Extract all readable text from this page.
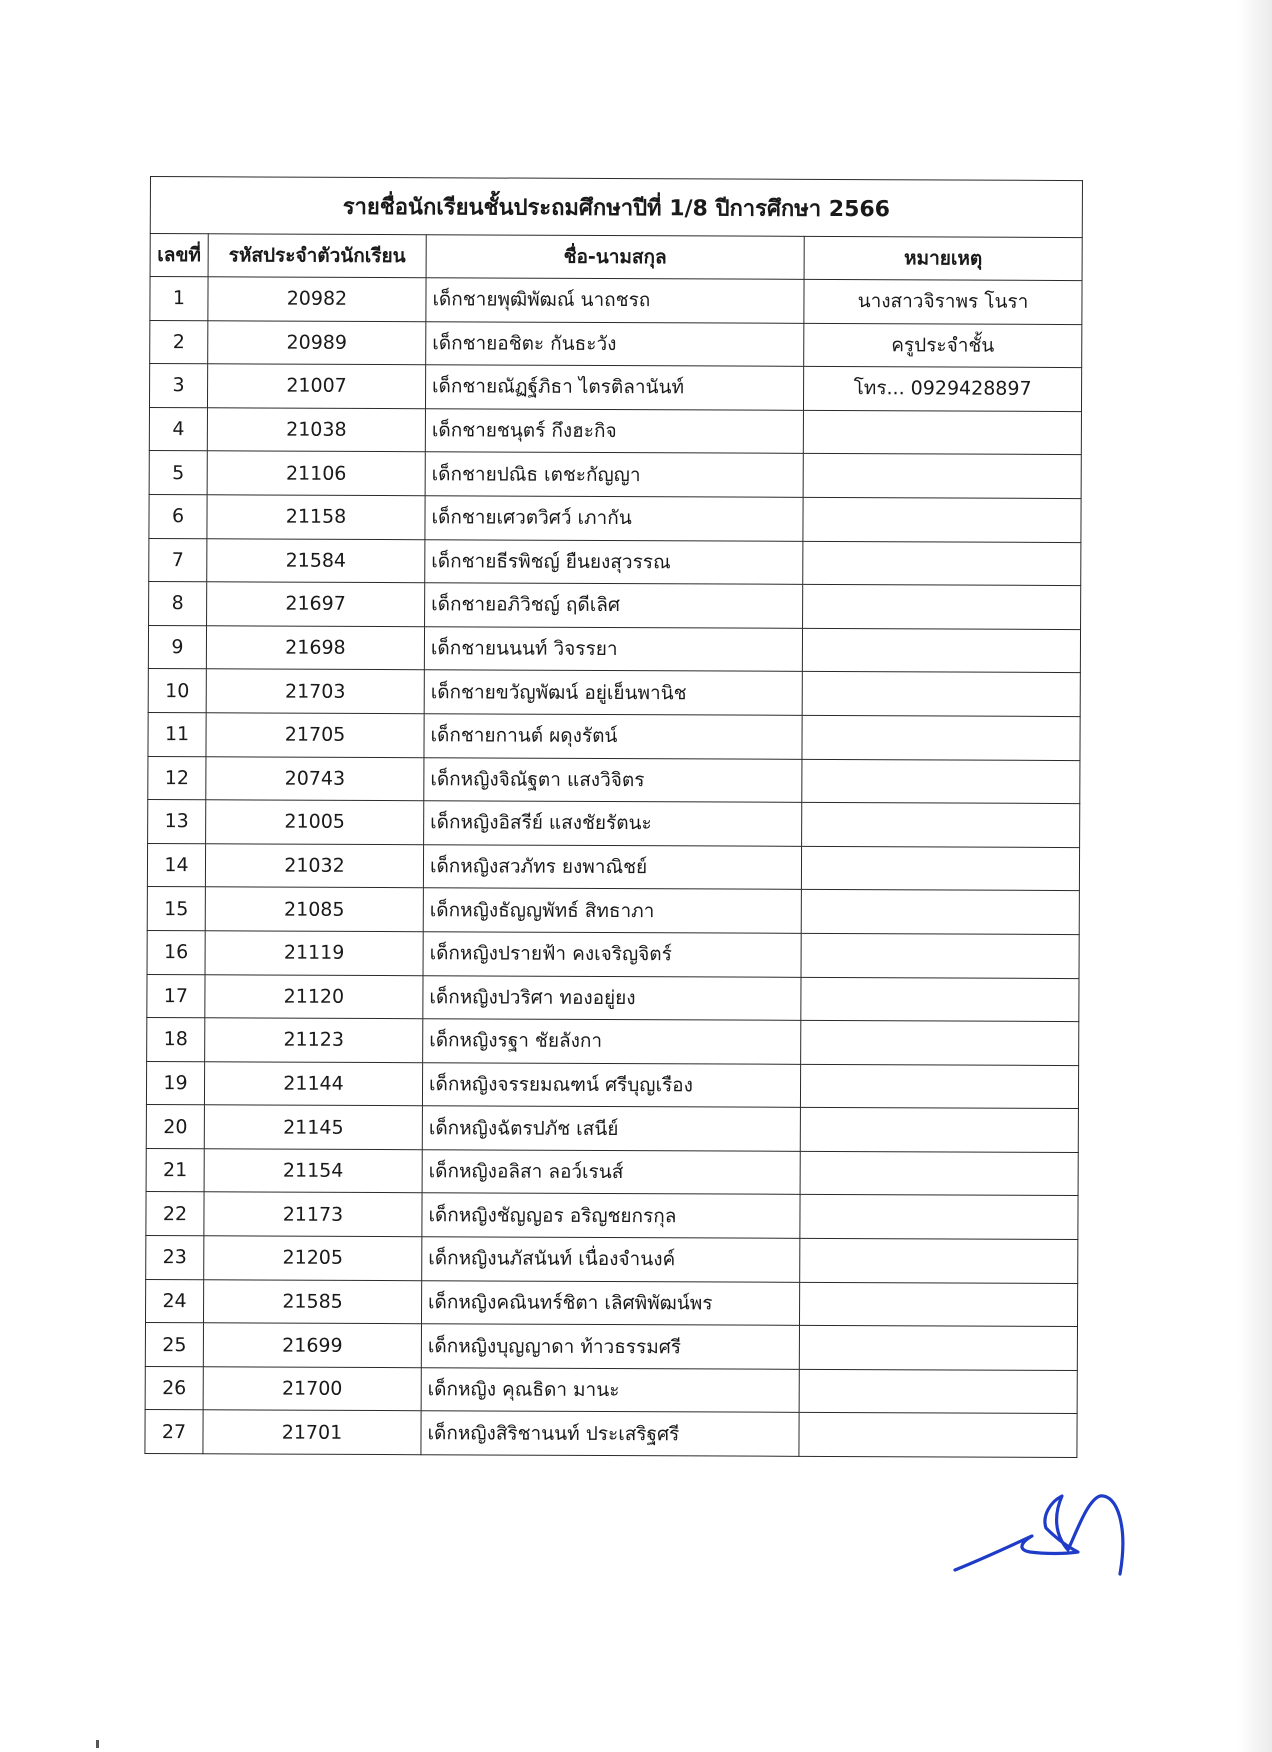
รายชื่อนักเรียนชั้นประถมศึกษาปีที่ 1/8 ปีการศึกษา 2566			
เลขที่	รหัสประจำตัวนักเรียน	ชื่อ-นามสกุล	หมายเหตุ
1	20982	เด็กชายพุฒิพัฒณ์ นาถชรถ	นางสาวจิราพร โนรา
2	20989	เด็กชายอชิตะ กันธะวัง	ครูประจำชั้น
3	21007	เด็กชายณัฏฐ์ภิธา ไตรติลานันท์	โทร... 0929428897
4	21038	เด็กชายชนุตร์ กึงฮะกิจ	
5	21106	เด็กชายปณิธ เตชะกัญญา	
6	21158	เด็กชายเศวตวิศว์ เภากัน	
7	21584	เด็กชายธีรพิชญ์ ยืนยงสุวรรณ	
8	21697	เด็กชายอภิวิชญ์ ฤดีเลิศ	
9	21698	เด็กชายนนนท์ วิจรรยา	
10	21703	เด็กชายขวัญพัฒน์ อยู่เย็นพานิช	
11	21705	เด็กชายกานต์ ผดุงรัตน์	
12	20743	เด็กหญิงจิณัฐตา แสงวิจิตร	
13	21005	เด็กหญิงอิสรีย์ แสงชัยรัตนะ	
14	21032	เด็กหญิงสวภัทร ยงพาณิชย์	
15	21085	เด็กหญิงธัญญพัทธ์ สิทธาภา	
16	21119	เด็กหญิงปรายฟ้า คงเจริญจิตร์	
17	21120	เด็กหญิงปวริศา ทองอยู่ยง	
18	21123	เด็กหญิงรฐา ชัยลังกา	
19	21144	เด็กหญิงจรรยมณฑน์ ศรีบุญเรือง	
20	21145	เด็กหญิงฉัตรปภัช เสนีย์	
21	21154	เด็กหญิงอลิสา ลอว์เรนส์	
22	21173	เด็กหญิงชัญญอร อริญชยกรกุล	
23	21205	เด็กหญิงนภัสนันท์ เนื่องจำนงค์	
24	21585	เด็กหญิงคณินทร์ชิตา เลิศพิพัฒน์พร	
25	21699	เด็กหญิงบุญญาดา ท้าวธรรมศรี	
26	21700	เด็กหญิง คุณธิดา มานะ	
27	21701	เด็กหญิงสิริชานนท์ ประเสริฐศรี	
